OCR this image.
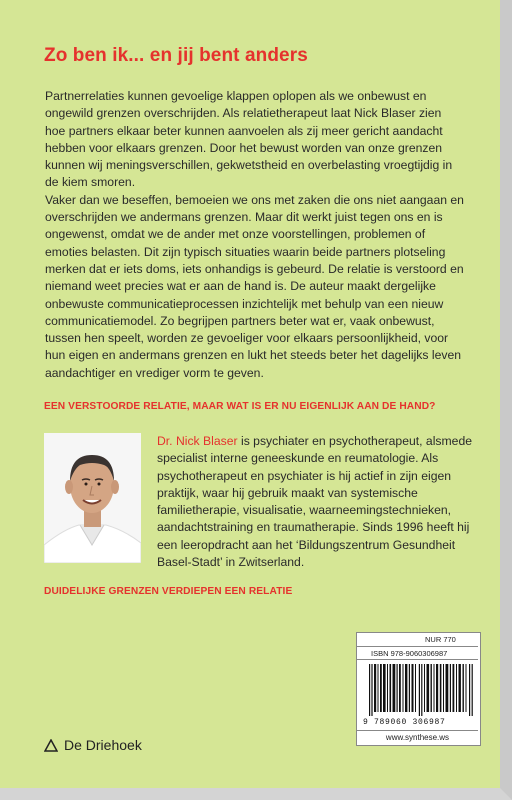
Zo ben ik... en jij bent anders

Partnerrelaties kunnen gevoelige klappen oplopen als we onbewust en ongewild grenzen overschrijden. Als relatietherapeut laat Nick Blaser zien hoe partners elkaar beter kunnen aanvoelen als zij meer gericht aandacht hebben voor elkaars grenzen. Door het bewust worden van onze grenzen kunnen wij meningsverschillen, gekwetstheid en overbelasting vroegtijdig in de kiem smoren.

Vaker dan we beseffen, bemoeien we ons met zaken die ons niet aangaan en overschrijden we andermans grenzen. Maar dit werkt juist tegen ons en is ongewenst, omdat we de ander met onze voorstellingen, problemen of emoties belasten. Dit zijn typisch situaties waarin beide partners plotseling merken dat er iets doms, iets onhandigs is gebeurd. De relatie is verstoord en niemand weet precies wat er aan de hand is. De auteur maakt dergelijke onbewuste communicatieprocessen inzichtelijk met behulp van een nieuw communicatiemodel. Zo begrijpen partners beter wat er, vaak onbewust, tussen hen speelt, worden ze gevoeliger voor elkaars persoonlijkheid, voor hun eigen en andermans grenzen en lukt het steeds beter het dagelijks leven aandachtiger en vrediger vorm te geven.

EEN VERSTOORDE RELATIE, MAAR WAT IS ER NU EIGENLIJK AAN DE HAND?
Dr. Nick Blaser is psychiater en psychotherapeut, alsmede specialist interne geneeskunde en reumatologie. Als psychotherapeut en psychiater is hij actief in zijn eigen praktijk, waar hij gebruik maakt van systemische familietherapie, visualisatie, waarneemingstechnieken, aandachtstraining en traumatherapie. Sinds 1996 heeft hij een leeropdracht aan het ‘Bildungszentrum Gesundheit Basel-Stadt’ in Zwitserland.
DUIDELIJKE GRENZEN VERDIEPEN EEN RELATIE
De Driehoek
NUR 770
ISBN 978-9060306987
9 789060 306987
www.synthese.ws
